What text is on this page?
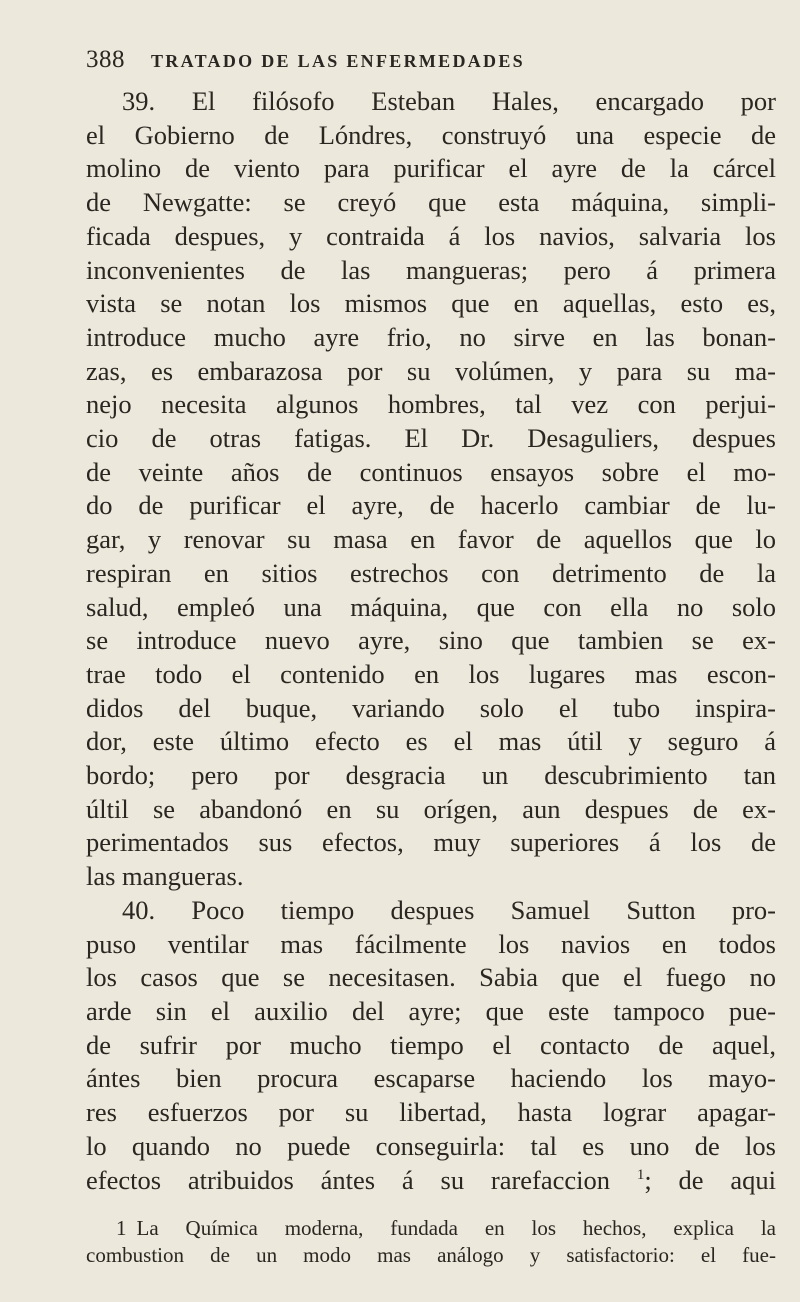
388 TRATADO DE LAS ENFERMEDADES
39. El filósofo Esteban Hales, encargado por
el Gobierno de Lóndres, construyó una especie de
molino de viento para purificar el ayre de la cárcel
de Newgatte: se creyó que esta máquina, simpli-
ficada despues, y contraida á los navios, salvaria los
inconvenientes de las mangueras; pero á primera
vista se notan los mismos que en aquellas, esto es,
introduce mucho ayre frio, no sirve en las bonan-
zas, es embarazosa por su volúmen, y para su ma-
nejo necesita algunos hombres, tal vez con perjui-
cio de otras fatigas. El Dr. Desaguliers, despues
de veinte años de continuos ensayos sobre el mo-
do de purificar el ayre, de hacerlo cambiar de lu-
gar, y renovar su masa en favor de aquellos que lo
respiran en sitios estrechos con detrimento de la
salud, empleó una máquina, que con ella no solo
se introduce nuevo ayre, sino que tambien se ex-
trae todo el contenido en los lugares mas escon-
didos del buque, variando solo el tubo inspira-
dor, este último efecto es el mas útil y seguro á
bordo; pero por desgracia un descubrimiento tan
últil se abandonó en su orígen, aun despues de ex-
perimentados sus efectos, muy superiores á los de
las mangueras.
40. Poco tiempo despues Samuel Sutton pro-
puso ventilar mas fácilmente los navios en todos
los casos que se necesitasen. Sabia que el fuego no
arde sin el auxilio del ayre; que este tampoco pue-
de sufrir por mucho tiempo el contacto de aquel,
ántes bien procura escaparse haciendo los mayo-
res esfuerzos por su libertad, hasta lograr apagar-
lo quando no puede conseguirla: tal es uno de los
efectos atribuidos ántes á su rarefaccion $^1$; de aqui
1 La Química moderna, fundada en los hechos, explica la
combustion de un modo mas análogo y satisfactorio: el fue-
